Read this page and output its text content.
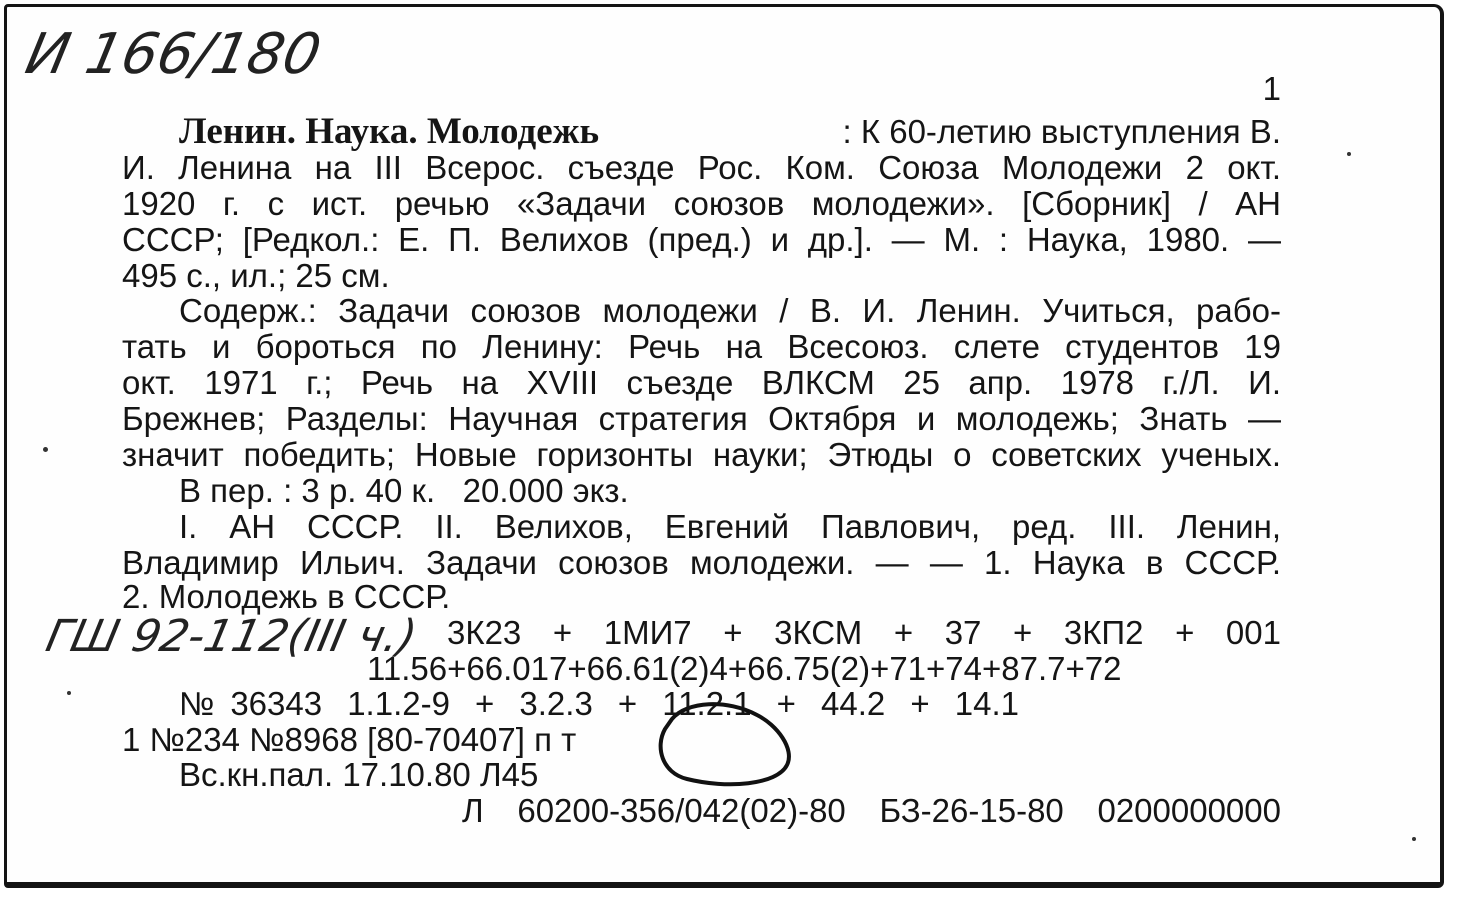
И 166/180
1
Ленин. Наука. Молодежь	: К 60-летию выступления В.
И. Ленина на III Всерос. съезде Рос. Ком. Союза Молодежи 2 окт.
1920 г. с ист. речью «Задачи союзов молодежи». [Сборник] / АН
СССР; [Редкол.: Е. П. Велихов (пред.) и др.]. — М. : Наука, 1980. —
495 с., ил.; 25 см.
Содерж.: Задачи союзов молодежи / В. И. Ленин. Учиться, рабо-
тать и бороться по Ленину: Речь на Всесоюз. слете студентов 19
окт. 1971 г.; Речь на XVIII съезде ВЛКСМ 25 апр. 1978 г./Л. И.
Брежнев; Разделы: Научная стратегия Октября и молодежь; Знать —
значит победить; Новые горизонты науки; Этюды о советских ученых.
В пер. : 3 р. 40 к.   20.000 экз.
I. АН СССР. II. Велихов, Евгений Павлович, ред. III. Ленин,
Владимир Ильич. Задачи союзов молодежи. — — 1. Наука в СССР.
2. Молодежь в СССР.
ГШ 92-112(III ч.) 3К23 + 1МИ7 + 3КСМ + 37 + 3КП2 + 001
11.56+66.017+66.61(2)4+66.75(2)+71+74+87.7+72
№36343 1.1.2-9 + 3.2.3 + 11.2.1 + 44.2 + 14.1
1 №234 №8968 [80-70407] п т
Вс.кн.пал. 17.10.80 Л45
Л 60200-356/042(02)-80 БЗ-26-15-80 0200000000
